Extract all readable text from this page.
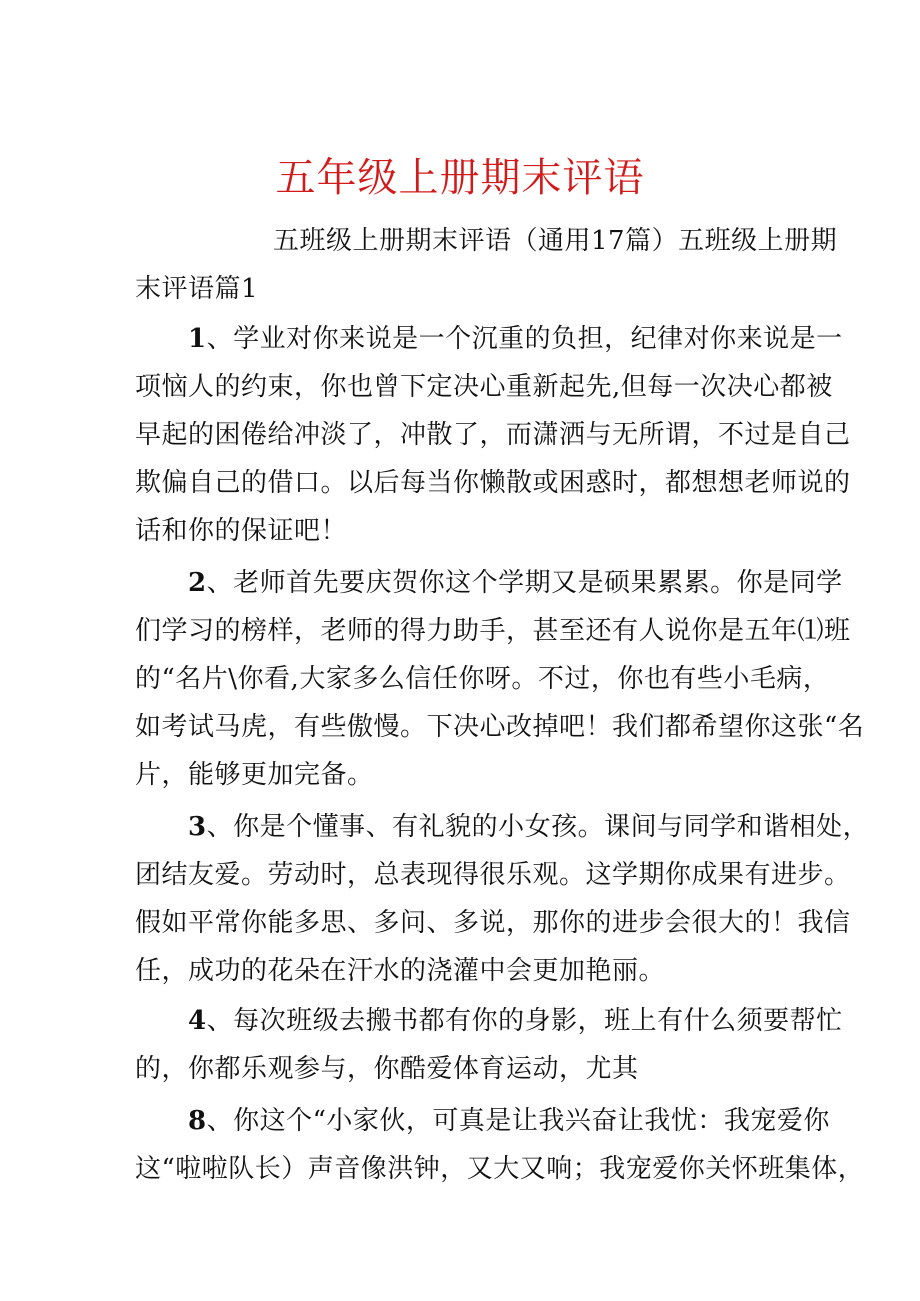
五年级上册期末评语
五班级上册期末评语（通用17篇）五班级上册期
末评语篇1
1、学业对你来说是一个沉重的负担，纪律对你来说是一
项恼人的约束，你也曾下定决心重新起先,但每一次决心都被
早起的困倦给冲淡了，冲散了，而潇洒与无所谓，不过是自己
欺偏自己的借口。以后每当你懒散或困惑时，都想想老师说的
话和你的保证吧！
2、老师首先要庆贺你这个学期又是硕果累累。你是同学
们学习的榜样，老师的得力助手，甚至还有人说你是五年⑴班
的“名片\你看,大家多么信任你呀。不过，你也有些小毛病，
如考试马虎，有些傲慢。下决心改掉吧！我们都希望你这张“名
片，能够更加完备。
3、你是个懂事、有礼貌的小女孩。课间与同学和谐相处，
团结友爱。劳动时，总表现得很乐观。这学期你成果有进步。
假如平常你能多思、多问、多说，那你的进步会很大的！我信
任，成功的花朵在汗水的浇灌中会更加艳丽。
4、每次班级去搬书都有你的身影，班上有什么须要帮忙
的，你都乐观参与，你酷爱体育运动，尤其
8、你这个“小家伙，可真是让我兴奋让我忧：我宠爱你
这“啦啦队长）声音像洪钟，又大又响；我宠爱你关怀班集体，
